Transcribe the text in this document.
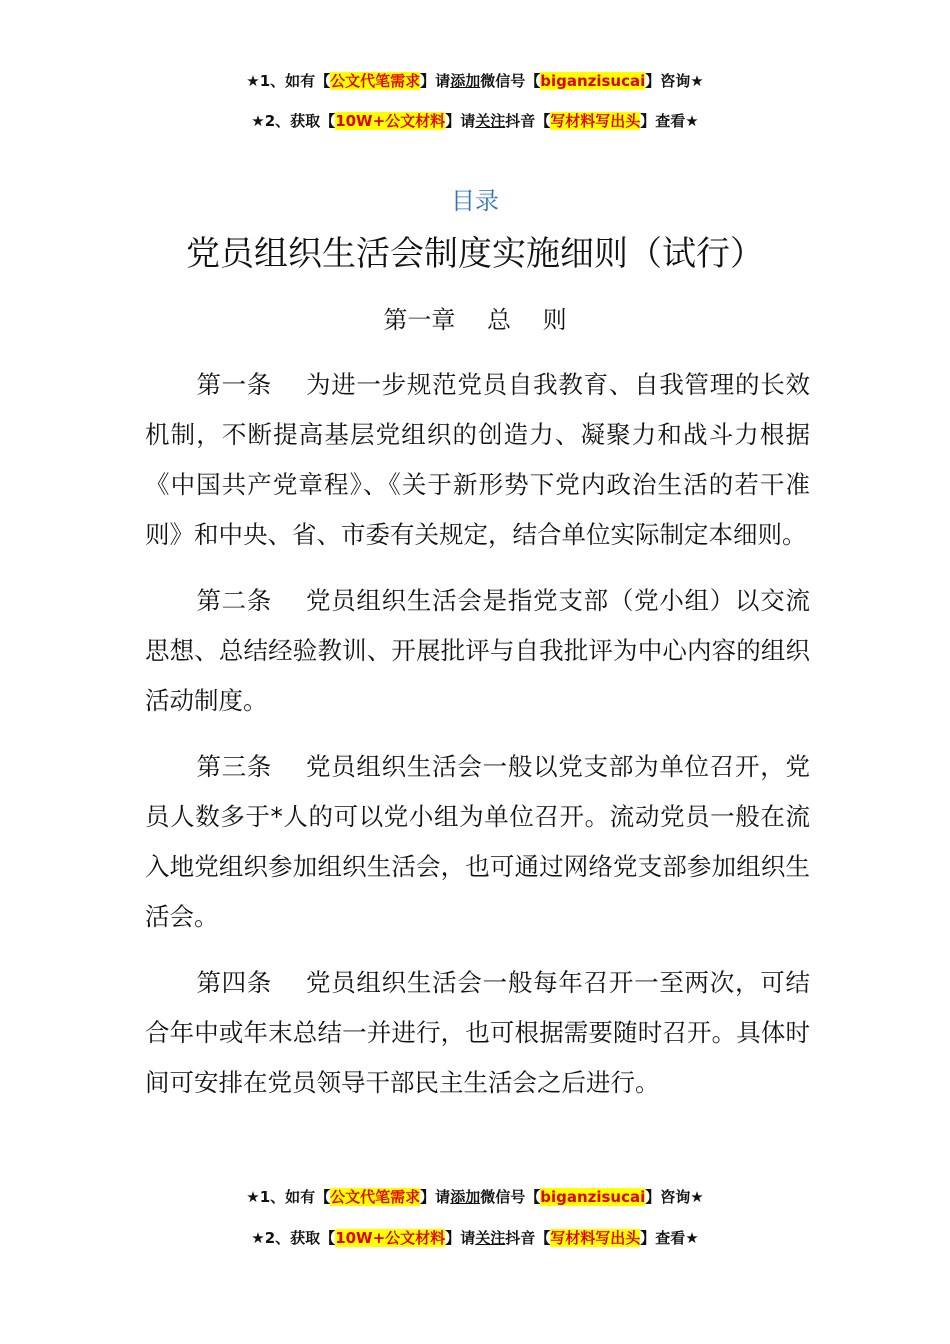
★1、如有【公文代笔需求】请添加微信号【biganzisucai】咨询★
★2、获取【10W+公文材料】请关注抖音【写材料写出头】查看★
目录
党员组织生活会制度实施细则（试行）
第一章　 总　 则

第一条　 为进一步规范党员自我教育、自我管理的长效机制，不断提高基层党组织的创造力、凝聚力和战斗力根据《中国共产党章程》、《关于新形势下党内政治生活的若干准则》和中央、省、市委有关规定，结合单位实际制定本细则。

第二条　 党员组织生活会是指党支部（党小组）以交流思想、总结经验教训、开展批评与自我批评为中心内容的组织活动制度。

第三条　 党员组织生活会一般以党支部为单位召开，党员人数多于*人的可以党小组为单位召开。流动党员一般在流入地党组织参加组织生活会，也可通过网络党支部参加组织生活会。

第四条　 党员组织生活会一般每年召开一至两次，可结合年中或年末总结一并进行，也可根据需要随时召开。具体时间可安排在党员领导干部民主生活会之后进行。

★1、如有【公文代笔需求】请添加微信号【biganzisucai】咨询★
★2、获取【10W+公文材料】请关注抖音【写材料写出头】查看★
